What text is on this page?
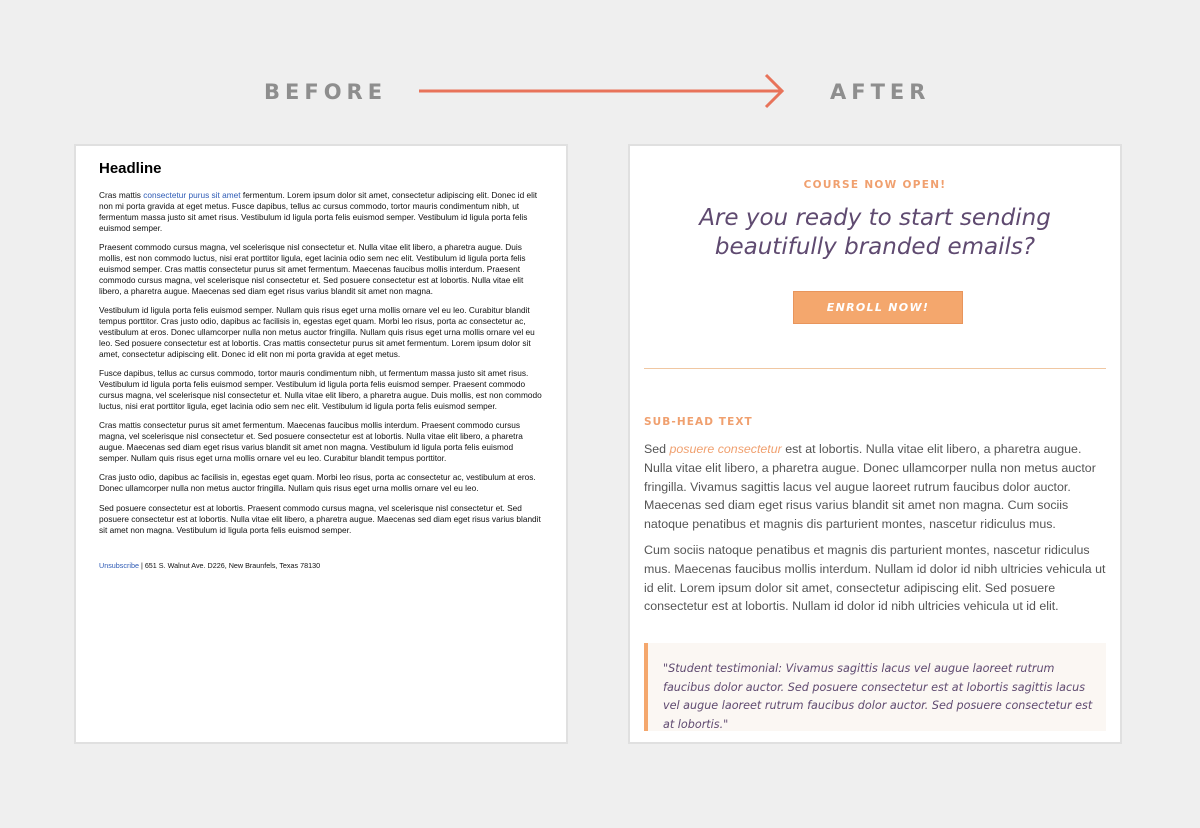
BEFORE	AFTER
Headline

Cras mattis consectetur purus sit amet fermentum. Lorem ipsum dolor sit amet, consectetur adipiscing elit. Donec id elit non mi porta gravida at eget metus. Fusce dapibus, tellus ac cursus commodo, tortor mauris condimentum nibh, ut fermentum massa justo sit amet risus. Vestibulum id ligula porta felis euismod semper. Vestibulum id ligula porta felis euismod semper.

Praesent commodo cursus magna, vel scelerisque nisl consectetur et. Nulla vitae elit libero, a pharetra augue. Duis mollis, est non commodo luctus, nisi erat porttitor ligula, eget lacinia odio sem nec elit. Vestibulum id ligula porta felis euismod semper. Cras mattis consectetur purus sit amet fermentum. Maecenas faucibus mollis interdum. Praesent commodo cursus magna, vel scelerisque nisl consectetur et. Sed posuere consectetur est at lobortis. Nulla vitae elit libero, a pharetra augue. Maecenas sed diam eget risus varius blandit sit amet non magna.

Vestibulum id ligula porta felis euismod semper. Nullam quis risus eget urna mollis ornare vel eu leo. Curabitur blandit tempus porttitor. Cras justo odio, dapibus ac facilisis in, egestas eget quam. Morbi leo risus, porta ac consectetur ac, vestibulum at eros. Donec ullamcorper nulla non metus auctor fringilla. Nullam quis risus eget urna mollis ornare vel eu leo. Sed posuere consectetur est at lobortis. Cras mattis consectetur purus sit amet fermentum. Lorem ipsum dolor sit amet, consectetur adipiscing elit. Donec id elit non mi porta gravida at eget metus.

Fusce dapibus, tellus ac cursus commodo, tortor mauris condimentum nibh, ut fermentum massa justo sit amet risus. Vestibulum id ligula porta felis euismod semper. Vestibulum id ligula porta felis euismod semper. Praesent commodo cursus magna, vel scelerisque nisl consectetur et. Nulla vitae elit libero, a pharetra augue. Duis mollis, est non commodo luctus, nisi erat porttitor ligula, eget lacinia odio sem nec elit. Vestibulum id ligula porta felis euismod semper.

Cras mattis consectetur purus sit amet fermentum. Maecenas faucibus mollis interdum. Praesent commodo cursus magna, vel scelerisque nisl consectetur et. Sed posuere consectetur est at lobortis. Nulla vitae elit libero, a pharetra augue. Maecenas sed diam eget risus varius blandit sit amet non magna. Vestibulum id ligula porta felis euismod semper. Nullam quis risus eget urna mollis ornare vel eu leo. Curabitur blandit tempus porttitor.

Cras justo odio, dapibus ac facilisis in, egestas eget quam. Morbi leo risus, porta ac consectetur ac, vestibulum at eros. Donec ullamcorper nulla non metus auctor fringilla. Nullam quis risus eget urna mollis ornare vel eu leo.

Sed posuere consectetur est at lobortis. Praesent commodo cursus magna, vel scelerisque nisl consectetur et. Sed posuere consectetur est at lobortis. Nulla vitae elit libero, a pharetra augue. Maecenas sed diam eget risus varius blandit sit amet non magna. Vestibulum id ligula porta felis euismod semper.

Unsubscribe | 651 S. Walnut Ave. D226, New Braunfels, Texas 78130
COURSE NOW OPEN!
Are you ready to start sending
beautifully branded emails?
ENROLL NOW!
SUB-HEAD TEXT

Sed posuere consectetur est at lobortis. Nulla vitae elit libero, a pharetra augue. Nulla vitae elit libero, a pharetra augue. Donec ullamcorper nulla non metus auctor fringilla. Vivamus sagittis lacus vel augue laoreet rutrum faucibus dolor auctor. Maecenas sed diam eget risus varius blandit sit amet non magna. Cum sociis natoque penatibus et magnis dis parturient montes, nascetur ridiculus mus.

Cum sociis natoque penatibus et magnis dis parturient montes, nascetur ridiculus mus. Maecenas faucibus mollis interdum. Nullam id dolor id nibh ultricies vehicula ut id elit. Lorem ipsum dolor sit amet, consectetur adipiscing elit. Sed posuere consectetur est at lobortis. Nullam id dolor id nibh ultricies vehicula ut id elit.

"Student testimonial: Vivamus sagittis lacus vel augue laoreet rutrum faucibus dolor auctor. Sed posuere consectetur est at lobortis sagittis lacus vel augue laoreet rutrum faucibus dolor auctor. Sed posuere consectetur est at lobortis."
